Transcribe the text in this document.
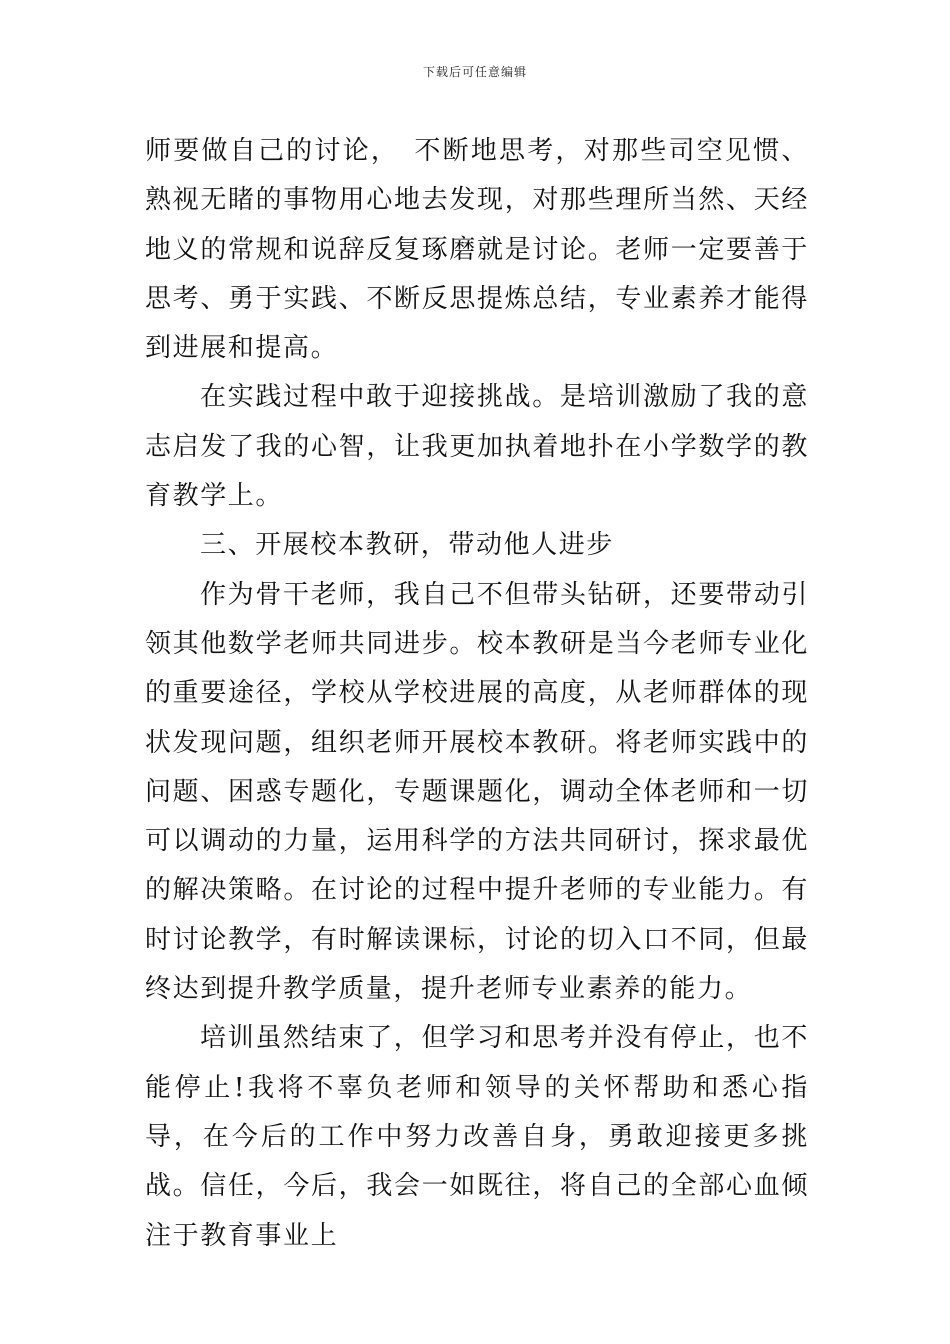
下载后可任意编辑

师要做自己的讨论，　不断地思考，对那些司空见惯、熟视无睹的事物用心地去发现，对那些理所当然、天经地义的常规和说辞反复琢磨就是讨论。老师一定要善于思考、勇于实践、不断反思提炼总结，专业素养才能得到进展和提高。

在实践过程中敢于迎接挑战。是培训激励了我的意志启发了我的心智，让我更加执着地扑在小学数学的教育教学上。

三、开展校本教研，带动他人进步

作为骨干老师，我自己不但带头钻研，还要带动引领其他数学老师共同进步。校本教研是当今老师专业化的重要途径，学校从学校进展的高度，从老师群体的现状发现问题，组织老师开展校本教研。将老师实践中的问题、困惑专题化，专题课题化，调动全体老师和一切可以调动的力量，运用科学的方法共同研讨，探求最优的解决策略。在讨论的过程中提升老师的专业能力。有时讨论教学，有时解读课标，讨论的切入口不同，但最终达到提升教学质量，提升老师专业素养的能力。

培训虽然结束了，但学习和思考并没有停止，也不能停止!我将不辜负老师和领导的关怀帮助和悉心指导，在今后的工作中努力改善自身，勇敢迎接更多挑战。信任，今后，我会一如既往，将自己的全部心血倾注于教育事业上
